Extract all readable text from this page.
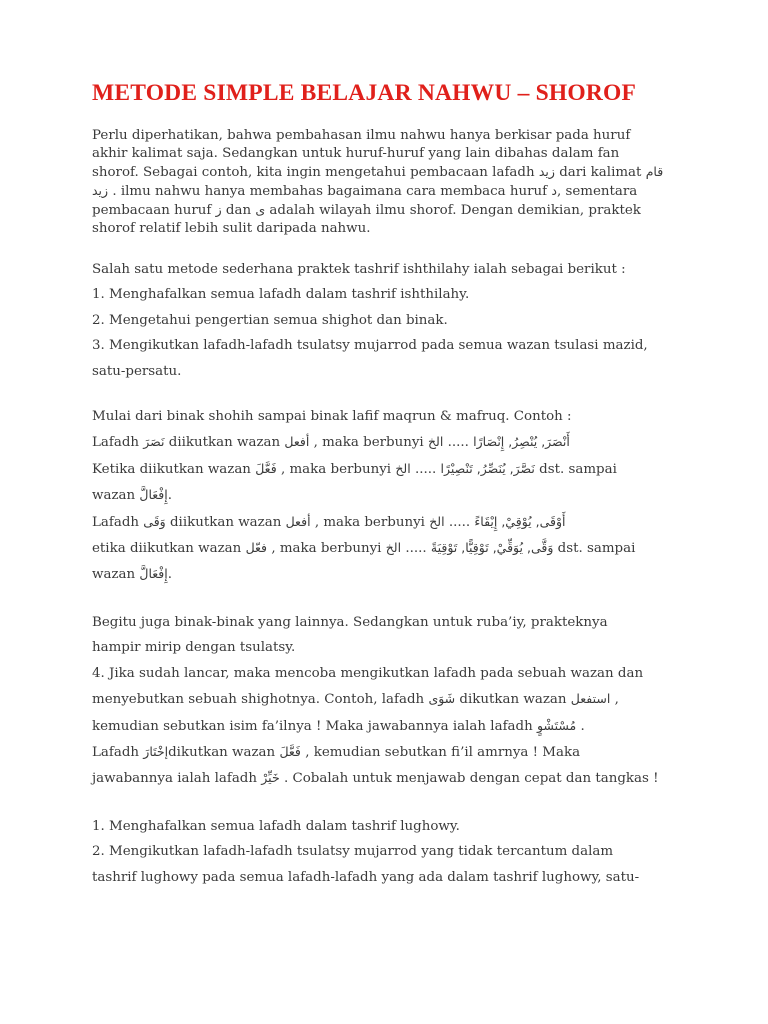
METODE SIMPLE BELAJAR NAHWU – SHOROF
Perlu diperhatikan, bahwa pembahasan ilmu nahwu hanya berkisar pada huruf
akhir kalimat saja. Sedangkan untuk huruf-huruf yang lain dibahas dalam fan
shorof. Sebagai contoh, kita ingin mengetahui pembacaan lafadh زيد dari kalimat قام
زيد . ilmu nahwu hanya membahas bagaimana cara membaca huruf د, sementara
pembacaan huruf ز dan ى adalah wilayah ilmu shorof. Dengan demikian, praktek
shorof relatif lebih sulit daripada nahwu.
Salah satu metode sederhana praktek tashrif ishthilahy ialah sebagai berikut :
1. Menghafalkan semua lafadh dalam tashrif ishthilahy.
2. Mengetahui pengertian semua shighot dan binak.
3. Mengikutkan lafadh-lafadh tsulatsy mujarrod pada semua wazan tsulasi mazid,
satu-persatu.
Mulai dari binak shohih sampai binak lafif maqrun & mafruq. Contoh :
Lafadh نَصَرَ diikutkan wazan أفعل , maka berbunyi الخ ..... أَنْصَرَ, يُنْصِرُ, إِنْصَارًا
Ketika diikutkan wazan فَعَّلَ , maka berbunyi الخ ..... نَصَّرَ, يُنَصِّرُ, تَنْصِيْرًا dst. sampai
wazan إِفْعَالَّ.
Lafadh وَقَى diikutkan wazan أفعل , maka berbunyi الخ ..... أَوْقَى, يُوْقِيْ, إِيْقَاءً
etika diikutkan wazan فعّل , maka berbunyi الخ ..... وَقَّى, يُوَقِّيْ, تَوْقِيًّا, تَوْقِيَةً dst. sampai
wazan إِفْعَالَّ.
Begitu juga binak-binak yang lainnya. Sedangkan untuk ruba’iy, prakteknya
hampir mirip dengan tsulatsy.
4. Jika sudah lancar, maka mencoba mengikutkan lafadh pada sebuah wazan dan
menyebutkan sebuah shighotnya. Contoh, lafadh شَوَى dikutkan wazan استفعل ,
kemudian sebutkan isim fa’ilnya ! Maka jawabannya ialah lafadh مُسْتَشْوٍ .
Lafadh إخْتَارَdikutkan wazan فَعَّلَ , kemudian sebutkan fi’il amrnya ! Maka
jawabannya ialah lafadh خَيِّرْ . Cobalah untuk menjawab dengan cepat dan tangkas !
1. Menghafalkan semua lafadh dalam tashrif lughowy.
2. Mengikutkan lafadh-lafadh tsulatsy mujarrod yang tidak tercantum dalam
tashrif lughowy pada semua lafadh-lafadh yang ada dalam tashrif lughowy, satu-
